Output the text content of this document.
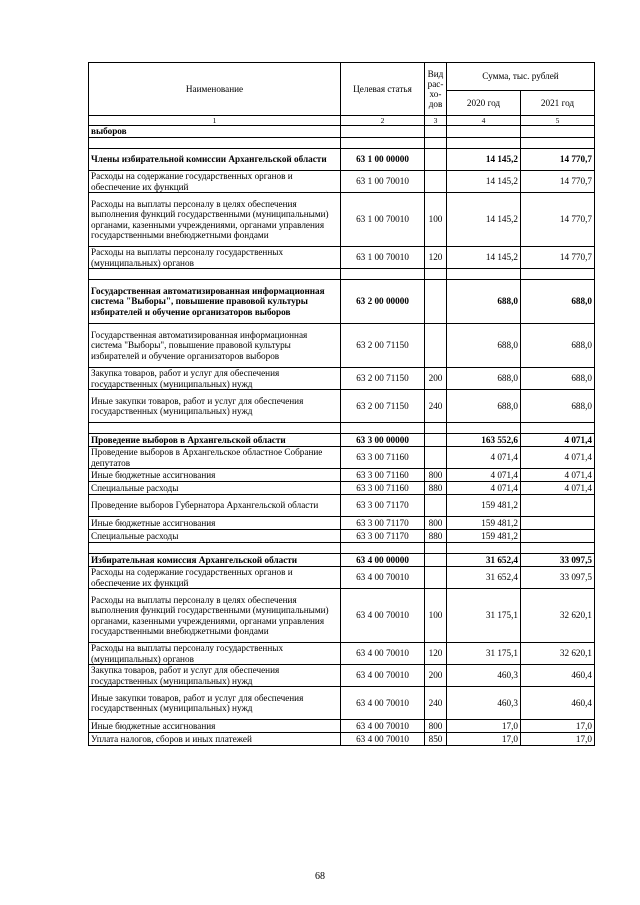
Наименование	Целевая статья	Вид рас- хо- дов	Сумма, тыс. рублей	
			2020 год	2021 год
1	2	3	4	5
выборов				

Члены избирательной комиссии Архангельской области	63 1 00 00000		14 145,2	14 770,7
Расходы на содержание государственных органов и обеспечение их функций	63 1 00 70010		14 145,2	14 770,7
Расходы на выплаты персоналу в целях обеспечения выполнения функций государственными (муниципальными) органами, казенными учреждениями, органами управления государственными внебюджетными фондами	63 1 00 70010	100	14 145,2	14 770,7
Расходы на выплаты персоналу государственных (муниципальных) органов	63 1 00 70010	120	14 145,2	14 770,7

Государственная автоматизированная информационная система "Выборы", повышение правовой культуры избирателей и обучение организаторов выборов	63 2 00 00000		688,0	688,0
Государственная автоматизированная информационная система "Выборы", повышение правовой культуры избирателей и обучение организаторов выборов	63 2 00 71150		688,0	688,0
Закупка товаров, работ и услуг для обеспечения государственных (муниципальных) нужд	63 2 00 71150	200	688,0	688,0
Иные закупки товаров, работ и услуг для обеспечения государственных (муниципальных) нужд	63 2 00 71150	240	688,0	688,0

Проведение выборов в Архангельской области	63 3 00 00000		163 552,6	4 071,4
Проведение выборов в Архангельское областное Собрание депутатов	63 3 00 71160		4 071,4	4 071,4
Иные бюджетные ассигнования	63 3 00 71160	800	4 071,4	4 071,4
Специальные расходы	63 3 00 71160	880	4 071,4	4 071,4
Проведение выборов Губернатора Архангельской области	63 3 00 71170		159 481,2	
Иные бюджетные ассигнования	63 3 00 71170	800	159 481,2	
Специальные расходы	63 3 00 71170	880	159 481,2	

Избирательная комиссия Архангельской области	63 4 00 00000		31 652,4	33 097,5
Расходы на содержание государственных органов и обеспечение их функций	63 4 00 70010		31 652,4	33 097,5
Расходы на выплаты персоналу в целях обеспечения выполнения функций государственными (муниципальными) органами, казенными учреждениями, органами управления государственными внебюджетными фондами	63 4 00 70010	100	31 175,1	32 620,1
Расходы на выплаты персоналу государственных (муниципальных) органов	63 4 00 70010	120	31 175,1	32 620,1
Закупка товаров, работ и услуг для обеспечения государственных (муниципальных) нужд	63 4 00 70010	200	460,3	460,4
Иные закупки товаров, работ и услуг для обеспечения государственных (муниципальных) нужд	63 4 00 70010	240	460,3	460,4
Иные бюджетные ассигнования	63 4 00 70010	800	17,0	17,0
Уплата налогов, сборов и иных платежей	63 4 00 70010	850	17,0	17,0
68
